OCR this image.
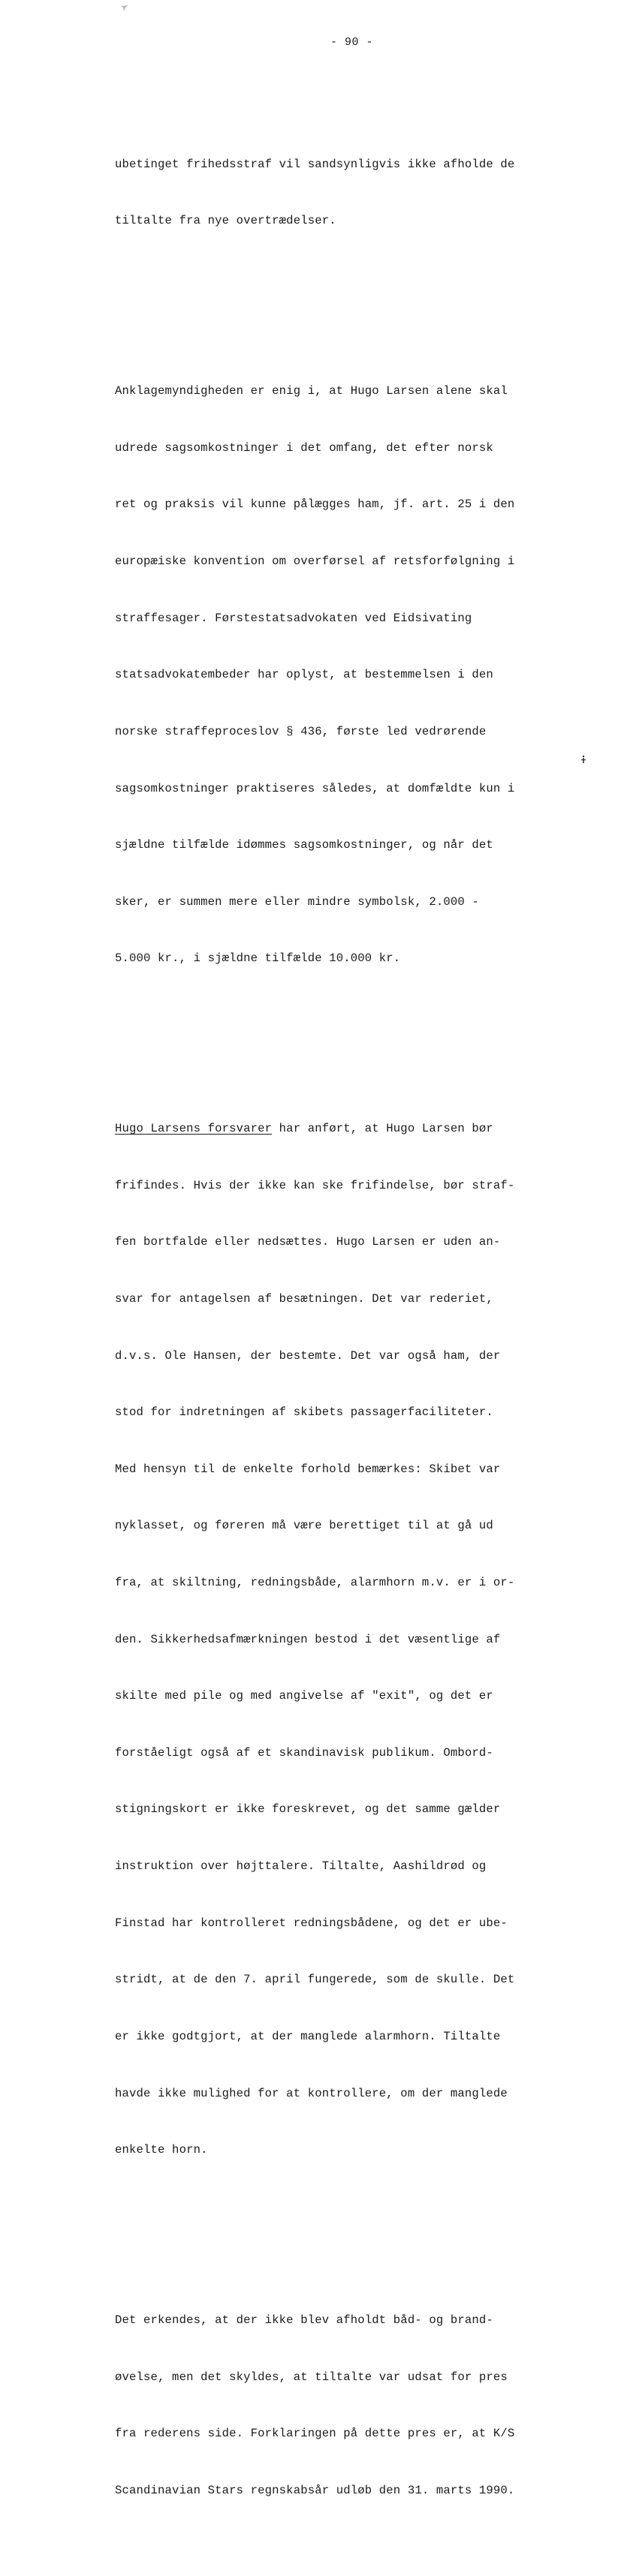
- 90 -

ubetinget frihedsstraf vil sandsynligvis ikke afholde de

tiltalte fra nye overtrædelser.

Anklagemyndigheden er enig i, at Hugo Larsen alene skal

udrede sagsomkostninger i det omfang, det efter norsk

ret og praksis vil kunne pålægges ham, jf. art. 25 i den

europæiske konvention om overførsel af retsforfølgning i

straffesager. Førstestatsadvokaten ved Eidsivating

statsadvokatembeder har oplyst, at bestemmelsen i den

norske straffeproceslov § 436, første led vedrørende

sagsomkostninger praktiseres således, at domfældte kun i

sjældne tilfælde idømmes sagsomkostninger, og når det

sker, er summen mere eller mindre symbolsk, 2.000 -

5.000 kr., i sjældne tilfælde 10.000 kr.

Hugo Larsens forsvarer har anført, at Hugo Larsen bør

frifindes. Hvis der ikke kan ske frifindelse, bør straf-

fen bortfalde eller nedsættes. Hugo Larsen er uden an-

svar for antagelsen af besætningen. Det var rederiet,

d.v.s. Ole Hansen, der bestemte. Det var også ham, der

stod for indretningen af skibets passagerfaciliteter.

Med hensyn til de enkelte forhold bemærkes: Skibet var

nyklasset, og føreren må være berettiget til at gå ud

fra, at skiltning, redningsbåde, alarmhorn m.v. er i or-

den. Sikkerhedsafmærkningen bestod i det væsentlige af

skilte med pile og med angivelse af "exit", og det er

forståeligt også af et skandinavisk publikum. Ombord-

stigningskort er ikke foreskrevet, og det samme gælder

instruktion over højttalere. Tiltalte, Aashildrød og

Finstad har kontrolleret redningsbådene, og det er ube-

stridt, at de den 7. april fungerede, som de skulle. Det

er ikke godtgjort, at der manglede alarmhorn. Tiltalte

havde ikke mulighed for at kontrollere, om der manglede

enkelte horn.

Det erkendes, at der ikke blev afholdt båd- og brand-

øvelse, men det skyldes, at tiltalte var udsat for pres

fra rederens side. Forklaringen på dette pres er, at K/S

Scandinavian Stars regnskabsår udløb den 31. marts 1990.
